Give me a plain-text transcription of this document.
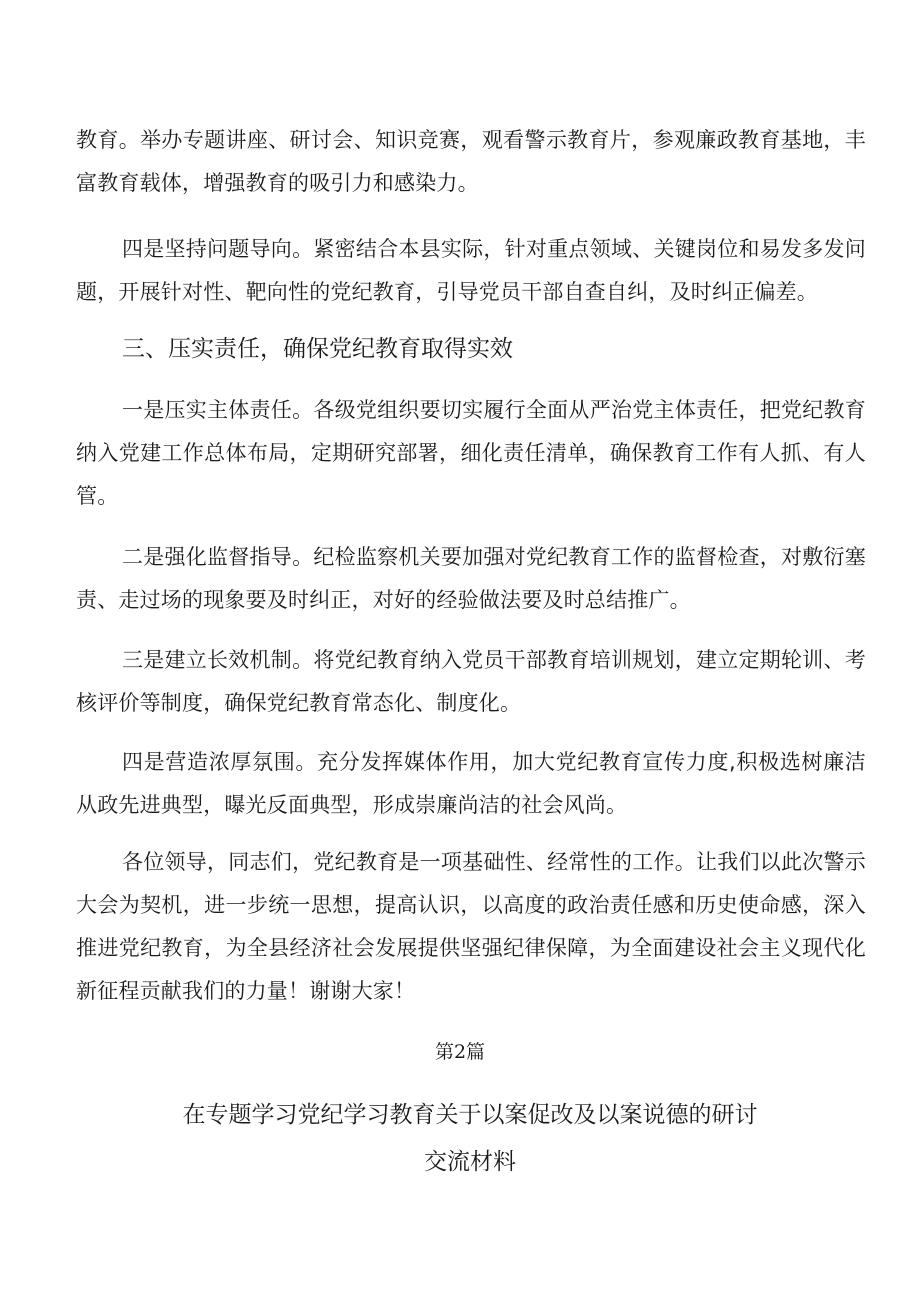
教育。举办专题讲座、研讨会、知识竞赛，观看警示教育片，参观廉政教育基地，丰富教育载体，增强教育的吸引力和感染力。

四是坚持问题导向。紧密结合本县实际，针对重点领域、关键岗位和易发多发问题，开展针对性、靶向性的党纪教育，引导党员干部自查自纠，及时纠正偏差。

三、压实责任，确保党纪教育取得实效

一是压实主体责任。各级党组织要切实履行全面从严治党主体责任，把党纪教育纳入党建工作总体布局，定期研究部署，细化责任清单，确保教育工作有人抓、有人管。

二是强化监督指导。纪检监察机关要加强对党纪教育工作的监督检查，对敷衍塞责、走过场的现象要及时纠正，对好的经验做法要及时总结推广。

三是建立长效机制。将党纪教育纳入党员干部教育培训规划，建立定期轮训、考核评价等制度，确保党纪教育常态化、制度化。

四是营造浓厚氛围。充分发挥媒体作用，加大党纪教育宣传力度,积极选树廉洁从政先进典型，曝光反面典型，形成崇廉尚洁的社会风尚。

各位领导，同志们，党纪教育是一项基础性、经常性的工作。让我们以此次警示大会为契机，进一步统一思想，提高认识，以高度的政治责任感和历史使命感，深入推进党纪教育，为全县经济社会发展提供坚强纪律保障，为全面建设社会主义现代化新征程贡献我们的力量！谢谢大家！

第2篇
在专题学习党纪学习教育关于以案促改及以案说德的研讨
交流材料
